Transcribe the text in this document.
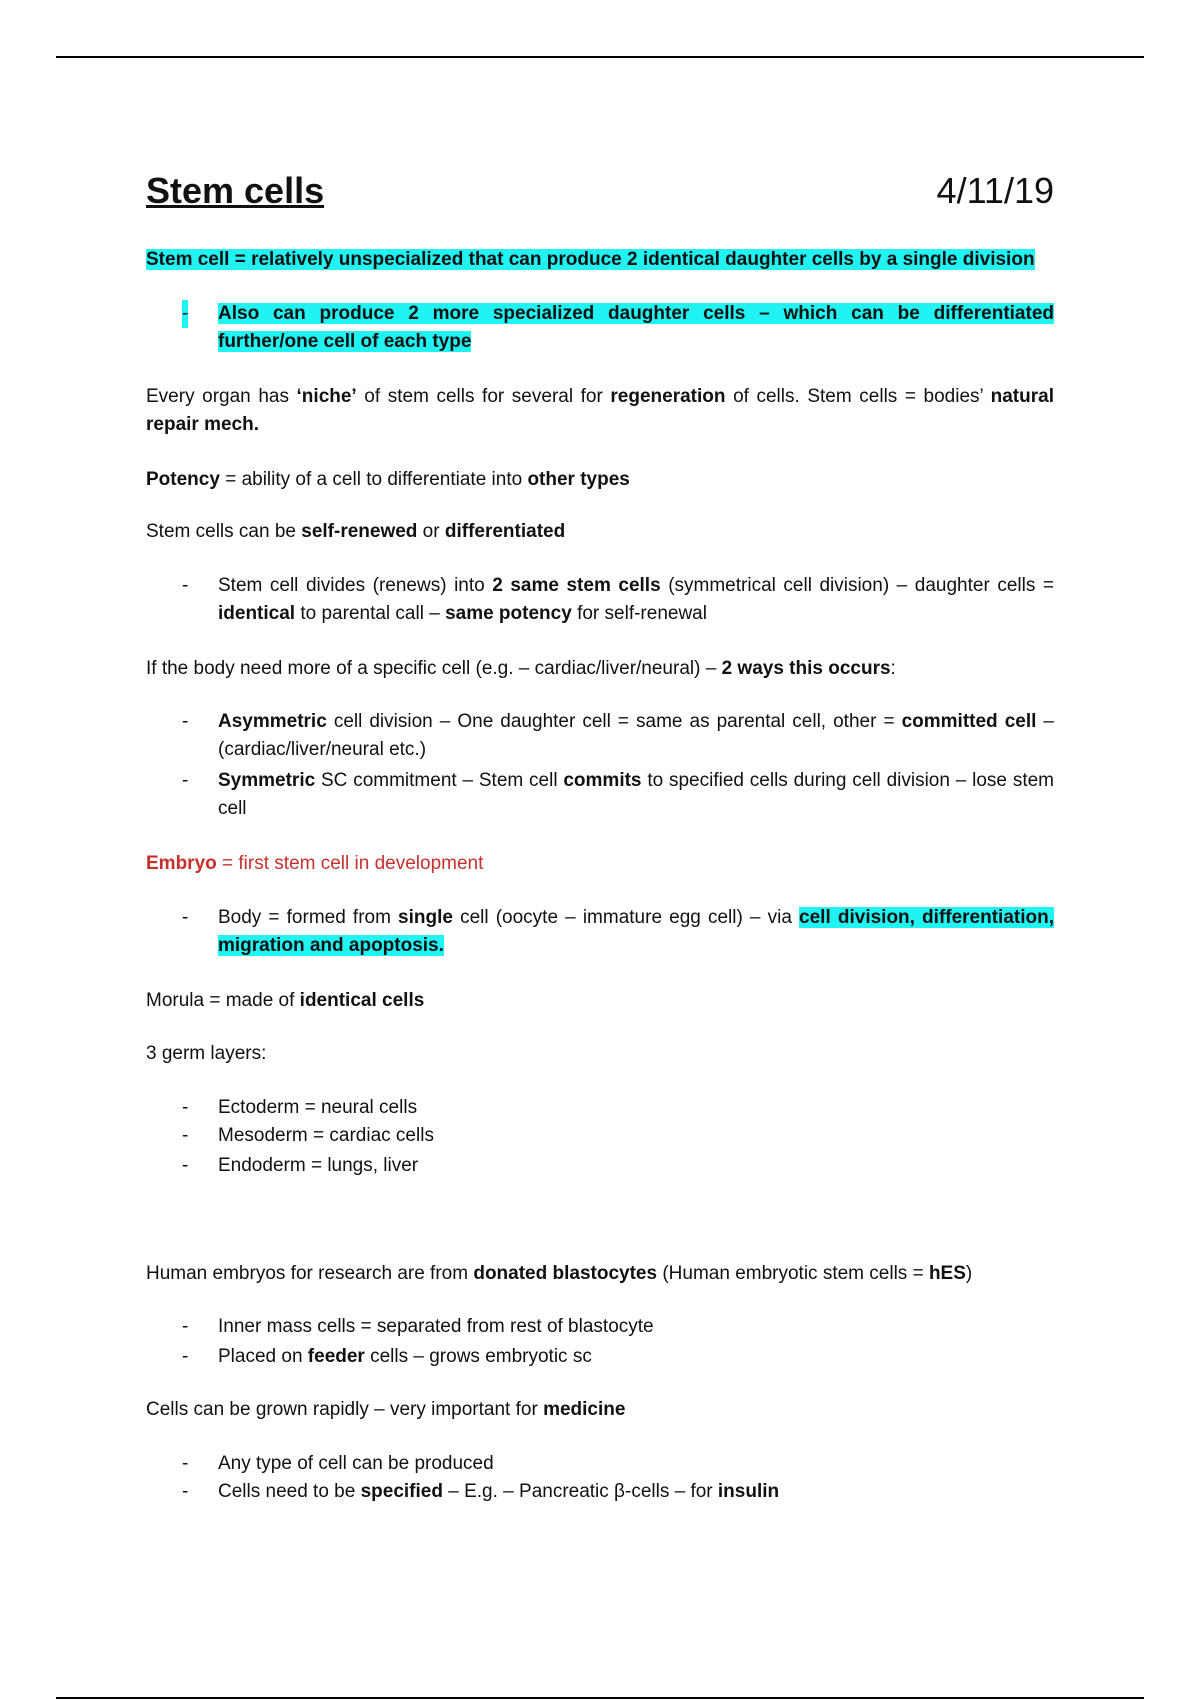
Stem cells	4/11/19

Stem cell = relatively unspecialized that can produce 2 identical daughter cells by a single division

- Also can produce 2 more specialized daughter cells – which can be differentiated further/one cell of each type

Every organ has ‘niche’ of stem cells for several for regeneration of cells. Stem cells = bodies’ natural repair mech.

Potency = ability of a cell to differentiate into other types

Stem cells can be self-renewed or differentiated

- Stem cell divides (renews) into 2 same stem cells (symmetrical cell division) – daughter cells = identical to parental call – same potency for self-renewal

If the body need more of a specific cell (e.g. – cardiac/liver/neural) – 2 ways this occurs:

- Asymmetric cell division – One daughter cell = same as parental cell, other = committed cell – (cardiac/liver/neural etc.)

- Symmetric SC commitment – Stem cell commits to specified cells during cell division – lose stem cell

Embryo = first stem cell in development

- Body = formed from single cell (oocyte – immature egg cell) – via cell division, differentiation, migration and apoptosis.

Morula = made of identical cells

3 germ layers:

- Ectoderm = neural cells

- Mesoderm = cardiac cells

- Endoderm = lungs, liver

Human embryos for research are from donated blastocytes (Human embryotic stem cells = hES)

- Inner mass cells = separated from rest of blastocyte

- Placed on feeder cells – grows embryotic sc

Cells can be grown rapidly – very important for medicine

- Any type of cell can be produced

- Cells need to be specified – E.g. – Pancreatic β-cells – for insulin
